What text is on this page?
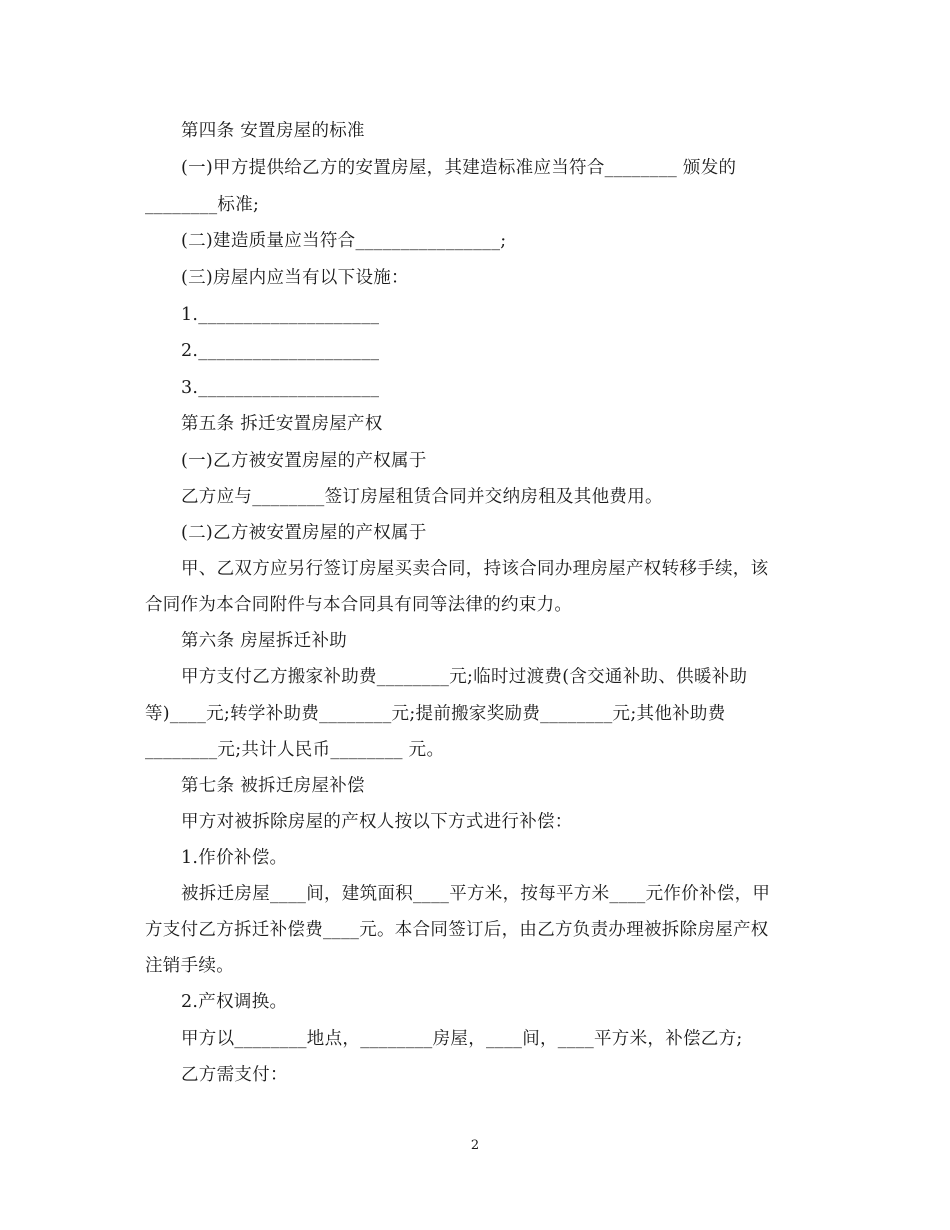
第四条 安置房屋的标准
(一)甲方提供给乙方的安置房屋，其建造标准应当符合________ 颁发的
________标准;
(二)建造质量应当符合________________;
(三)房屋内应当有以下设施：
1.____________________
2.____________________
3.____________________
第五条 拆迁安置房屋产权
(一)乙方被安置房屋的产权属于
乙方应与________签订房屋租赁合同并交纳房租及其他费用。
(二)乙方被安置房屋的产权属于
甲、乙双方应另行签订房屋买卖合同，持该合同办理房屋产权转移手续，该
合同作为本合同附件与本合同具有同等法律的约束力。
第六条 房屋拆迁补助
甲方支付乙方搬家补助费________元;临时过渡费(含交通补助、供暖补助
等)____元;转学补助费________元;提前搬家奖励费________元;其他补助费
________元;共计人民币________ 元。
第七条 被拆迁房屋补偿
甲方对被拆除房屋的产权人按以下方式进行补偿：
1.作价补偿。
被拆迁房屋____间，建筑面积____平方米，按每平方米____元作价补偿，甲
方支付乙方拆迁补偿费____元。本合同签订后，由乙方负责办理被拆除房屋产权
注销手续。
2.产权调换。
甲方以________地点，________房屋，____间，____平方米，补偿乙方;
乙方需支付：
2
